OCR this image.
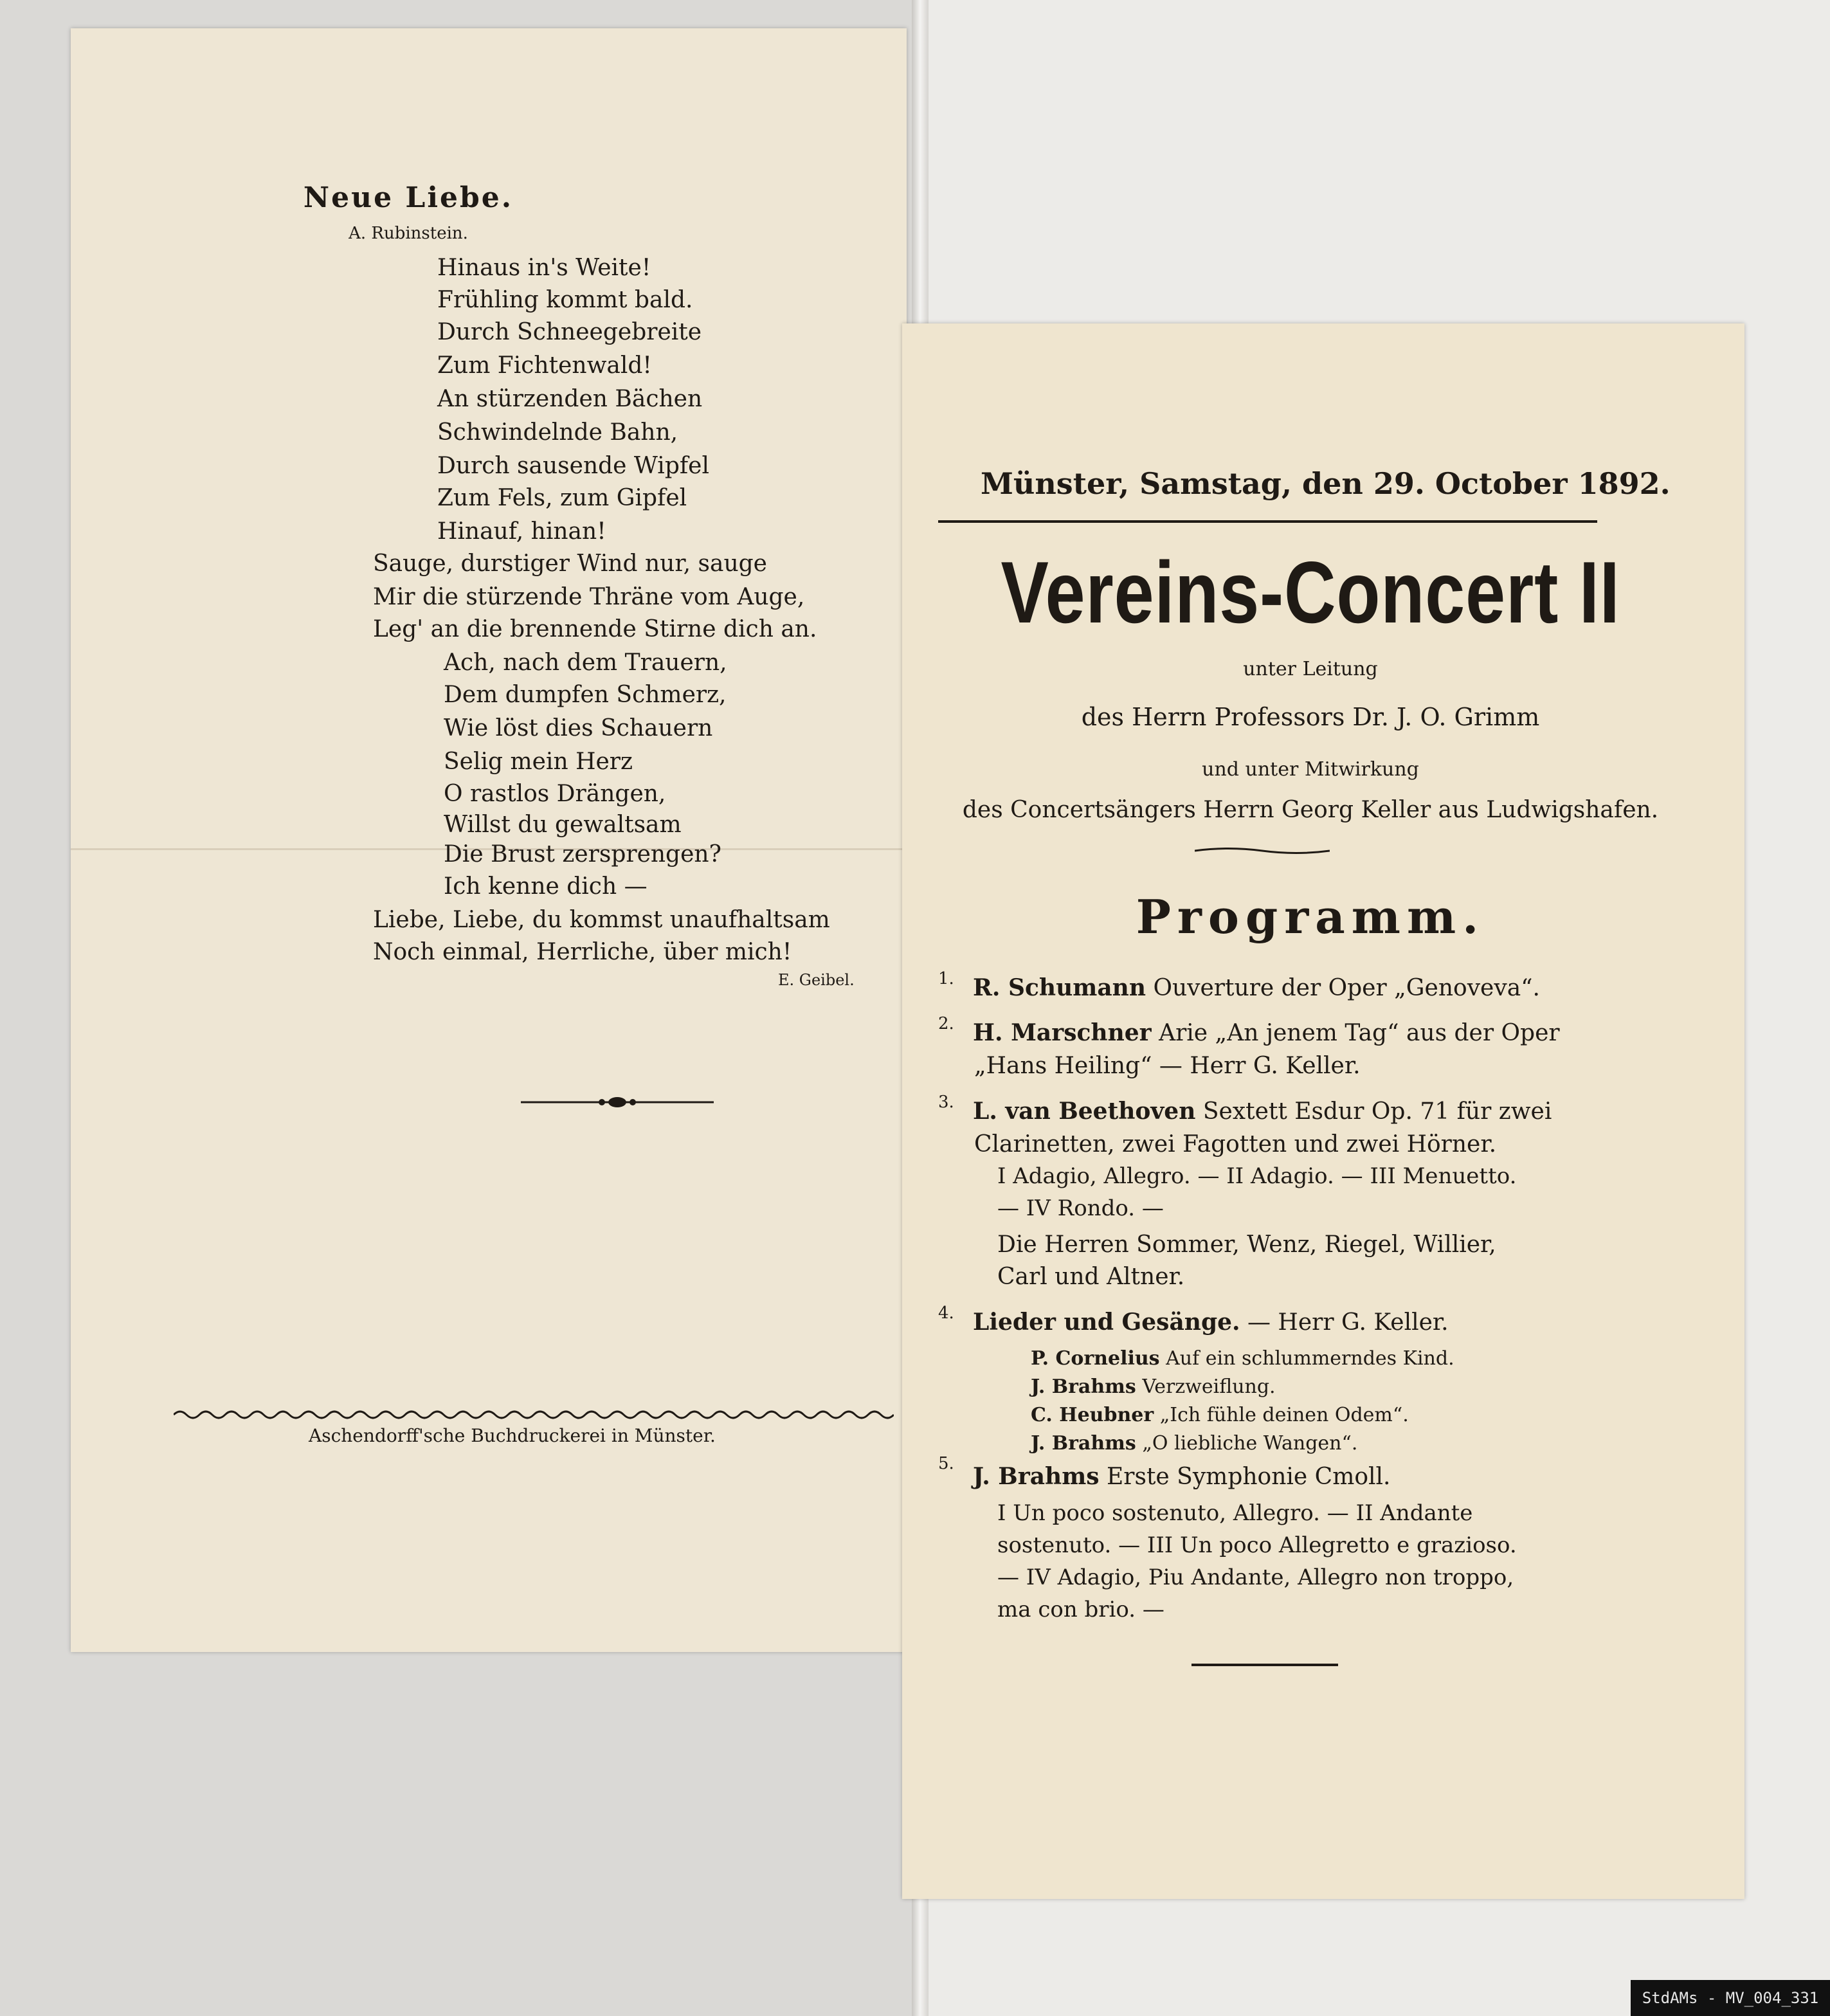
Neue Liebe.
A. Rubinstein.
Hinaus in's Weite!
Frühling kommt bald.
Durch Schneegebreite
Zum Fichtenwald!
An stürzenden Bächen
Schwindelnde Bahn,
Durch sausende Wipfel
Zum Fels, zum Gipfel
Hinauf, hinan!
Sauge, durstiger Wind nur, sauge
Mir die stürzende Thräne vom Auge,
Leg' an die brennende Stirne dich an.
Ach, nach dem Trauern,
Dem dumpfen Schmerz,
Wie löst dies Schauern
Selig mein Herz
O rastlos Drängen,
Willst du gewaltsam
Die Brust zersprengen?
Ich kenne dich —
Liebe, Liebe, du kommst unaufhaltsam
Noch einmal, Herrliche, über mich!
E. Geibel.
Aschendorff'sche Buchdruckerei in Münster.
Münster, Samstag, den 29. October 1892.
Vereins-Concert II
unter Leitung
des Herrn Professors Dr. J. O. Grimm
und unter Mitwirkung
des Concertsängers Herrn Georg Keller aus Ludwigshafen.
Programm.
1. R. Schumann Ouverture der Oper „Genoveva“.
2. H. Marschner Arie „An jenem Tag“ aus der Oper
„Hans Heiling“ — Herr G. Keller.
3. L. van Beethoven Sextett Esdur Op. 71 für zwei
Clarinetten, zwei Fagotten und zwei Hörner.
I Adagio, Allegro. — II Adagio. — III Menuetto.
— IV Rondo. —
Die Herren Sommer, Wenz, Riegel, Willier,
Carl und Altner.
4. Lieder und Gesänge. — Herr G. Keller.
P. Cornelius Auf ein schlummerndes Kind.
J. Brahms Verzweiflung.
C. Heubner „Ich fühle deinen Odem“.
J. Brahms „O liebliche Wangen“.
5. J. Brahms Erste Symphonie Cmoll.
I Un poco sostenuto, Allegro. — II Andante
sostenuto. — III Un poco Allegretto e grazioso.
— IV Adagio, Piu Andante, Allegro non troppo,
ma con brio. —
StdAMs - MV_004_331
